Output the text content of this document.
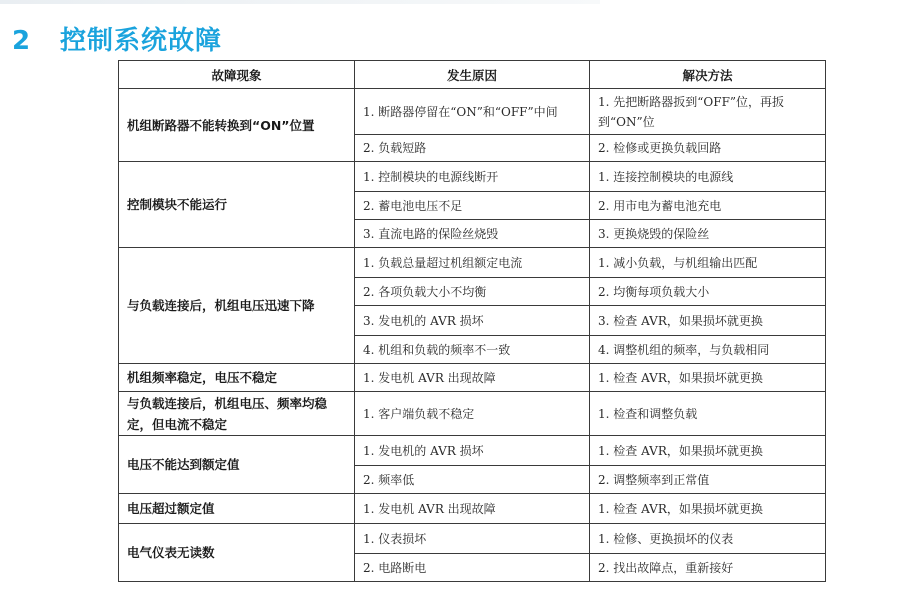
2 控制系统故障
故障现象	发生原因	解决方法
机组断路器不能转换到“ON”位置	1. 断路器停留在“ON”和“OFF”中间	1. 先把断路器扳到“OFF”位，再扳到“ON”位
	2. 负载短路	2. 检修或更换负载回路
控制模块不能运行	1. 控制模块的电源线断开	1. 连接控制模块的电源线
	2. 蓄电池电压不足	2. 用市电为蓄电池充电
	3. 直流电路的保险丝烧毁	3. 更换烧毁的保险丝
与负载连接后，机组电压迅速下降	1. 负载总量超过机组额定电流	1. 减小负载，与机组输出匹配
	2. 各项负载大小不均衡	2. 均衡每项负载大小
	3. 发电机的 AVR 损坏	3. 检查 AVR，如果损坏就更换
	4. 机组和负载的频率不一致	4. 调整机组的频率，与负载相同
机组频率稳定，电压不稳定	1. 发电机 AVR 出现故障	1. 检查 AVR，如果损坏就更换
与负载连接后，机组电压、频率均稳定，但电流不稳定	1. 客户端负载不稳定	1. 检查和调整负载
电压不能达到额定值	1. 发电机的 AVR 损坏	1. 检查 AVR，如果损坏就更换
	2. 频率低	2. 调整频率到正常值
电压超过额定值	1. 发电机 AVR 出现故障	1. 检查 AVR，如果损坏就更换
电气仪表无读数	1. 仪表损坏	1. 检修、更换损坏的仪表
	2. 电路断电	2. 找出故障点，重新接好
